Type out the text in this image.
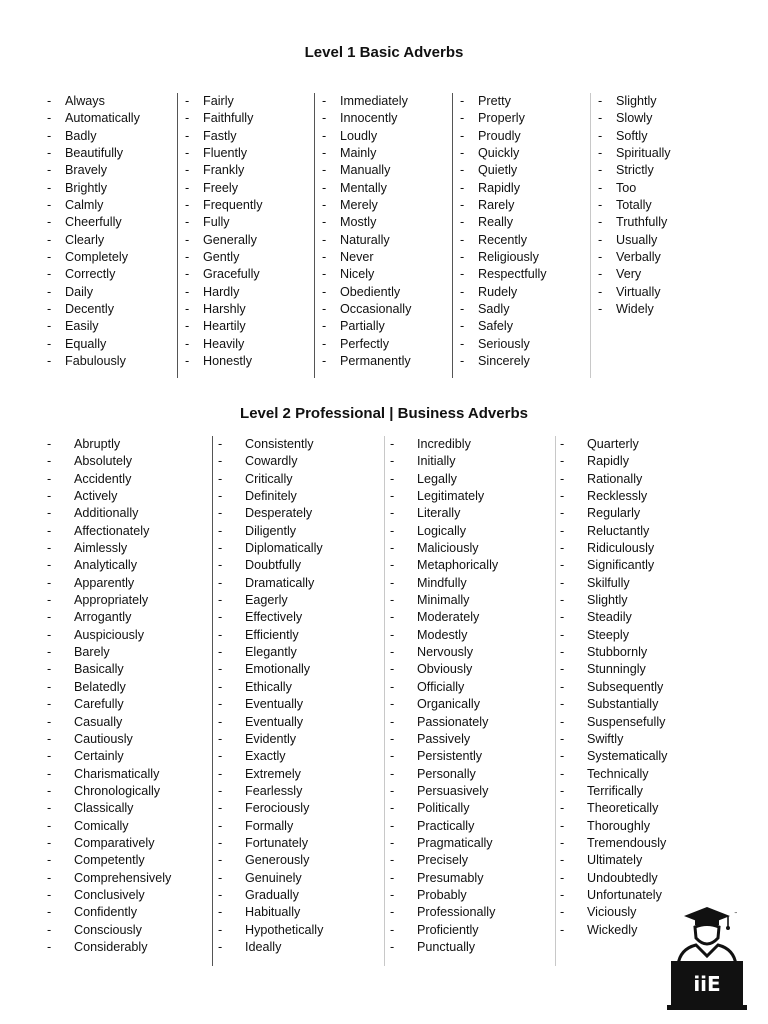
Level 1 Basic Adverbs
- Always
- Automatically
- Badly
- Beautifully
- Bravely
- Brightly
- Calmly
- Cheerfully
- Clearly
- Completely
- Correctly
- Daily
- Decently
- Easily
- Equally
- Fabulously
- Fairly
- Faithfully
- Fastly
- Fluently
- Frankly
- Freely
- Frequently
- Fully
- Generally
- Gently
- Gracefully
- Hardly
- Harshly
- Heartily
- Heavily
- Honestly
- Immediately
- Innocently
- Loudly
- Mainly
- Manually
- Mentally
- Merely
- Mostly
- Naturally
- Never
- Nicely
- Obediently
- Occasionally
- Partially
- Perfectly
- Permanently
- Pretty
- Properly
- Proudly
- Quickly
- Quietly
- Rapidly
- Rarely
- Really
- Recently
- Religiously
- Respectfully
- Rudely
- Sadly
- Safely
- Seriously
- Sincerely
- Slightly
- Slowly
- Softly
- Spiritually
- Strictly
- Too
- Totally
- Truthfully
- Usually
- Verbally
- Very
- Virtually
- Widely
Level 2 Professional | Business Adverbs
- Abruptly
- Absolutely
- Accidently
- Actively
- Additionally
- Affectionately
- Aimlessly
- Analytically
- Apparently
- Appropriately
- Arrogantly
- Auspiciously
- Barely
- Basically
- Belatedly
- Carefully
- Casually
- Cautiously
- Certainly
- Charismatically
- Chronologically
- Classically
- Comically
- Comparatively
- Competently
- Comprehensively
- Conclusively
- Confidently
- Consciously
- Considerably
- Consistently
- Cowardly
- Critically
- Definitely
- Desperately
- Diligently
- Diplomatically
- Doubtfully
- Dramatically
- Eagerly
- Effectively
- Efficiently
- Elegantly
- Emotionally
- Ethically
- Eventually
- Eventually
- Evidently
- Exactly
- Extremely
- Fearlessly
- Ferociously
- Formally
- Fortunately
- Generously
- Genuinely
- Gradually
- Habitually
- Hypothetically
- Ideally
- Incredibly
- Initially
- Legally
- Legitimately
- Literally
- Logically
- Maliciously
- Metaphorically
- Mindfully
- Minimally
- Moderately
- Modestly
- Nervously
- Obviously
- Officially
- Organically
- Passionately
- Passively
- Persistently
- Personally
- Persuasively
- Politically
- Practically
- Pragmatically
- Precisely
- Presumably
- Probably
- Professionally
- Proficiently
- Punctually
- Quarterly
- Rapidly
- Rationally
- Recklessly
- Regularly
- Reluctantly
- Ridiculously
- Significantly
- Skilfully
- Slightly
- Steadily
- Steeply
- Stubbornly
- Stunningly
- Subsequently
- Substantially
- Suspensefully
- Swiftly
- Systematically
- Technically
- Terrifically
- Theoretically
- Thoroughly
- Tremendously
- Ultimately
- Undoubtedly
- Unfortunately
- Viciously
- Wickedly
™
iiE
